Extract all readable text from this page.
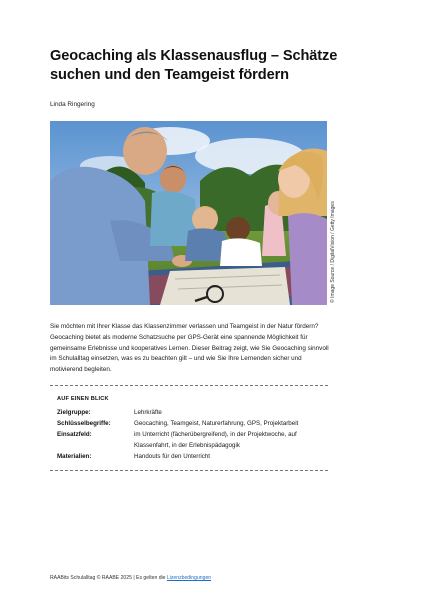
Geocaching als Klassenausflug – Schätze suchen und den Teamgeist fördern
Linda Ringering
© Image Source / DigitalVision / Getty Images
Sie möchten mit Ihrer Klasse das Klassenzimmer verlassen und Teamgeist in der Natur fördern? Geocaching bietet als moderne Schatzsuche per GPS-Gerät eine spannende Möglichkeit für gemeinsame Erlebnisse und kooperatives Lernen. Dieser Beitrag zeigt, wie Sie Geocaching sinnvoll im Schulalltag einsetzen, was es zu beachten gilt – und wie Sie Ihre Lernenden sicher und motivierend begleiten.
AUF EINEN BLICK
Zielgruppe:	Lehrkräfte
Schlüsselbegriffe:	Geocaching, Teamgeist, Naturerfahrung, GPS, Projektarbeit
Einsatzfeld:	im Unterricht (fächerübergreifend), in der Projektwoche, auf Klassenfahrt, in der Erlebnispädagogik
Materialien:	Handouts für den Unterricht
RAABits Schulalltag © RAABE 2025 | Es gelten die Lizenzbedingungen
